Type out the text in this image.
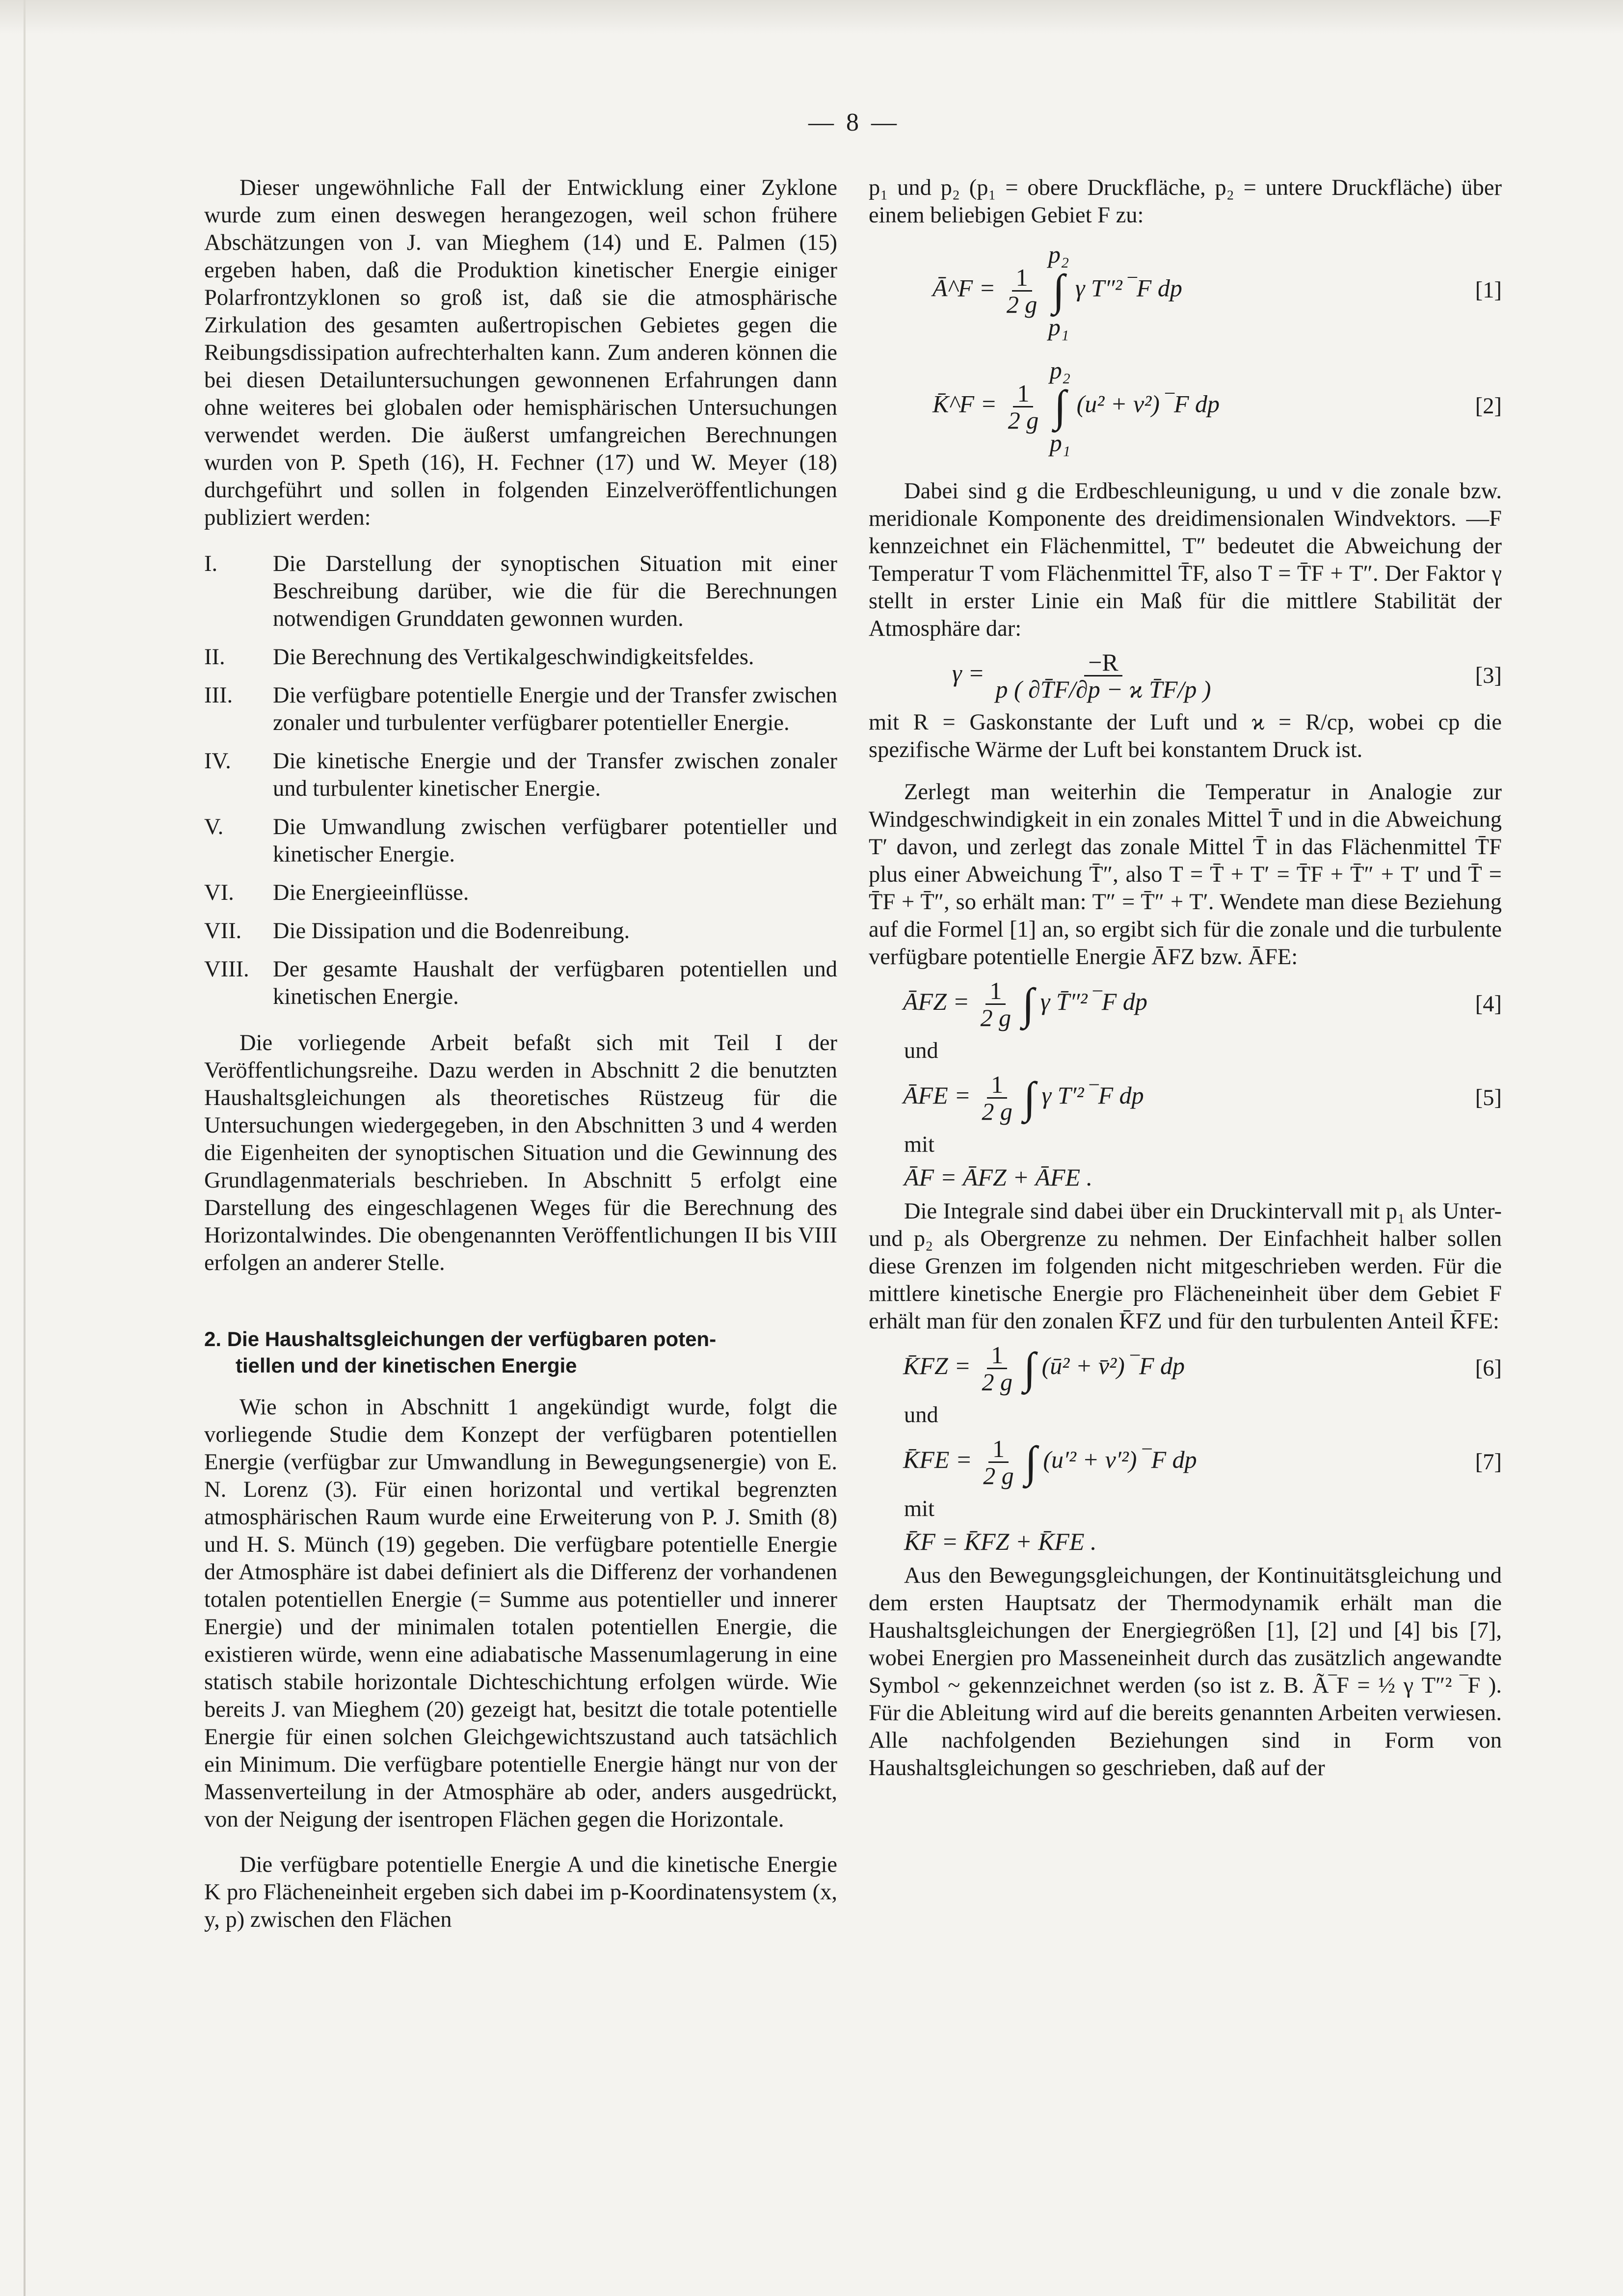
— 8 —

Dieser ungewöhnliche Fall der Entwicklung einer Zyklone wurde zum einen deswegen herangezogen, weil schon frühere Abschätzungen von J. van Mieghem (14) und E. Palmen (15) ergeben haben, daß die Produktion kinetischer Energie einiger Polarfrontzyklonen so groß ist, daß sie die atmosphärische Zirkulation des gesamten außertropischen Gebietes gegen die Reibungsdissipation aufrechterhalten kann. Zum anderen können die bei diesen Detailuntersuchungen gewonnenen Erfahrungen dann ohne weiteres bei globalen oder hemisphärischen Untersuchungen verwendet werden. Die äußerst umfangreichen Berechnungen wurden von P. Speth (16), H. Fechner (17) und W. Meyer (18) durchgeführt und sollen in folgenden Einzelveröffentlichungen publiziert werden:

I.	Die Darstellung der synoptischen Situation mit einer Beschreibung darüber, wie die für die Berechnungen notwendigen Grunddaten gewonnen wurden.
II.	Die Berechnung des Vertikalgeschwindigkeitsfeldes.
III.	Die verfügbare potentielle Energie und der Transfer zwischen zonaler und turbulenter verfügbarer potentieller Energie.
IV.	Die kinetische Energie und der Transfer zwischen zonaler und turbulenter kinetischer Energie.
V.	Die Umwandlung zwischen verfügbarer potentieller und kinetischer Energie.
VI.	Die Energieeinflüsse.
VII.	Die Dissipation und die Bodenreibung.
VIII.	Der gesamte Haushalt der verfügbaren potentiellen und kinetischen Energie.

Die vorliegende Arbeit befaßt sich mit Teil I der Veröffentlichungsreihe. Dazu werden in Abschnitt 2 die benutzten Haushaltsgleichungen als theoretisches Rüstzeug für die Untersuchungen wiedergegeben, in den Abschnitten 3 und 4 werden die Eigenheiten der synoptischen Situation und die Gewinnung des Grundlagenmaterials beschrieben. In Abschnitt 5 erfolgt eine Darstellung des eingeschlagenen Weges für die Berechnung des Horizontalwindes. Die obengenannten Veröffentlichungen II bis VIII erfolgen an anderer Stelle.

2. Die Haushaltsgleichungen der verfügbaren poten-
tiellen und der kinetischen Energie

Wie schon in Abschnitt 1 angekündigt wurde, folgt die vorliegende Studie dem Konzept der verfügbaren potentiellen Energie (verfügbar zur Umwandlung in Bewegungsenergie) von E. N. Lorenz (3). Für einen horizontal und vertikal begrenzten atmosphärischen Raum wurde eine Erweiterung von P. J. Smith (8) und H. S. Münch (19) gegeben. Die verfügbare potentielle Energie der Atmosphäre ist dabei definiert als die Differenz der vorhandenen totalen potentiellen Energie (= Summe aus potentieller und innerer Energie) und der minimalen totalen potentiellen Energie, die existieren würde, wenn eine adiabatische Massenumlagerung in eine statisch stabile horizontale Dichteschichtung erfolgen würde. Wie bereits J. van Mieghem (20) gezeigt hat, besitzt die totale potentielle Energie für einen solchen Gleichgewichtszustand auch tatsächlich ein Minimum. Die verfügbare potentielle Energie hängt nur von der Massenverteilung in der Atmosphäre ab oder, anders ausgedrückt, von der Neigung der isentropen Flächen gegen die Horizontale.

Die verfügbare potentielle Energie A und die kinetische Energie K pro Flächeneinheit ergeben sich dabei im p-Koordinatensystem (x, y, p) zwischen den Flächen

p₁ und p₂ (p₁ = obere Druckfläche, p₂ = untere Druckfläche) über einem beliebigen Gebiet F zu:

Ā^F = $\frac{1}{2 g}$

p₂
∫
p₁
γ T″² ‾F dp	[1]
K̄^F = $\frac{1}{2 g}$

p₂
∫
p₁
(u² + v²) ‾F dp	[2]

Dabei sind g die Erdbeschleunigung, u und v die zonale bzw. meridionale Komponente des dreidimensionalen Windvektors. —F kennzeichnet ein Flächenmittel, T″ bedeutet die Abweichung der Temperatur T vom Flächenmittel T̄F, also T = T̄F + T″. Der Faktor γ stellt in erster Linie ein Maß für die mittlere Stabilität der Atmosphäre dar:

$\gamma = \frac{-R}{\text{p ( ∂T̄F/∂p − ϰ T̄F/p )}}$	[3]

mit R = Gaskonstante der Luft und ϰ = R/cp, wobei cp die spezifische Wärme der Luft bei konstantem Druck ist.

Zerlegt man weiterhin die Temperatur in Analogie zur Windgeschwindigkeit in ein zonales Mittel T̄ und in die Abweichung T′ davon, und zerlegt das zonale Mittel T̄ in das Flächenmittel T̄F plus einer Abweichung T̄″, also T = T̄ + T′ = T̄F + T̄″ + T′ und T̄ = T̄F + T̄″, so erhält man: T″ = T̄″ + T′. Wendete man diese Beziehung auf die Formel [1] an, so ergibt sich für die zonale und die turbulente verfügbare potentielle Energie ĀFZ bzw. ĀFE:

ĀFZ = $\frac{1}{2 g}$ ∫ γ T̄″² ‾F dp	[4]

und

ĀFE = $\frac{1}{2 g}$ ∫ γ T′² ‾F dp	[5]

mit

ĀF = ĀFZ + ĀFE .

Die Integrale sind dabei über ein Druckintervall mit p₁ als Unter- und p₂ als Obergrenze zu nehmen. Der Einfachheit halber sollen diese Grenzen im folgenden nicht mitgeschrieben werden. Für die mittlere kinetische Energie pro Flächeneinheit über dem Gebiet F erhält man für den zonalen K̄FZ und für den turbulenten Anteil K̄FE:

K̄FZ = $\frac{1}{2 g}$ ∫ (ū² + v̄²) ‾F dp	[6]

und

K̄FE = $\frac{1}{2 g}$ ∫ (u′² + v′²) ‾F dp	[7]

mit

K̄F = K̄FZ + K̄FE .

Aus den Bewegungsgleichungen, der Kontinuitätsgleichung und dem ersten Hauptsatz der Thermodynamik erhält man die Haushaltsgleichungen der Energiegrößen [1], [2] und [4] bis [7], wobei Energien pro Masseneinheit durch das zusätzlich angewandte Symbol ~ gekennzeichnet werden (so ist z. B. Ã‾F = ½ γ T″² ‾F ). Für die Ableitung wird auf die bereits genannten Arbeiten verwiesen. Alle nachfolgenden Beziehungen sind in Form von Haushaltsgleichungen so geschrieben, daß auf der
